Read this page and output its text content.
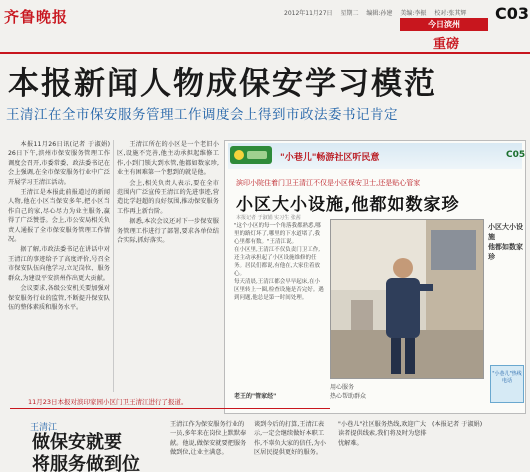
齐鲁晚报	2012年11月27日 星期二 编辑:孙建 美编:李振 校对:张其辉
今日滨州
C03
重磅
本报新闻人物成保安学习模范
王清江在全市保安服务管理工作调度会上得到市政法委书记肯定

本报11月26日讯(记者 于淑娟) 26日下午,滨州市保安服务管理工作调度会召开,市委常委、政法委书记在会上强调,在全市保安服务行业中广泛开展学习王清江活动。

王清江是本报此前报道过的新闻人物,他在小区当保安多年,把小区当作自己的家,尽心尽力为业主服务,赢得了广泛赞誉。会上,市公安局相关负责人通报了全市保安服务管理工作情况。

据了解,市政法委书记在讲话中对王清江的事迹给予了高度评价,号召全市保安队伍向他学习,立足岗位、服务群众,为建设平安滨州作出更大贡献。

会议要求,各级公安机关要加强对保安服务行业的监管,不断提升保安队伍的整体素质和服务水平。

王清江所在的小区是一个老旧小区,设施不完善,他主动承担起维修工作,小到门锁大到水管,他都如数家珍,业主有困难第一个想到的就是他。

会上,相关负责人表示,要在全市范围内广泛宣传王清江的先进事迹,营造比学赶超的良好氛围,推动保安服务工作再上新台阶。

据悉,本次会议还对下一步保安服务管理工作进行了部署,要求各单位结合实际,抓好落实。

"小巷儿"畅游社区听民意	C05
滨印小院住着门卫王清江不仅是小区保安卫士,还是贴心管家
小区大小设施,他都如数家珍
本报记者 于淑娟 实习生 张茜

"这个小区的每一个角落我都熟悉,哪里的路灯坏了,哪里的下水道堵了,我心里都有数。"王清江说。

在小区里,王清江不仅负责门卫工作,还主动承担起了小区设施维修的任务。居民们都说,有他在,大家住着放心。

每天清晨,王清江都会早早起床,在小区里转上一圈,检查设施是否完好。遇到问题,他总是第一时间处理。

小区大小设施
他都如数家珍
老王的"管家经"
用心服务
热心帮助群众
"小巷儿"热线电话
11月23日本报对滨印家园小区门卫王清江进行了报道。
王清江
做保安就要
将服务做到位
王清江作为保安服务行业的一员,多年来在岗位上默默奉献。他说,做保安就要把服务做到位,让业主满意。
谈到今后的打算,王清江表示,一定会继续做好本职工作,不辜负大家的信任,为小区居民提供更好的服务。
"小巷儿"社区服务热线,欢迎广大读者提供线索,我们将及时为您排忧解难。
(本报记者 于淑娟)
